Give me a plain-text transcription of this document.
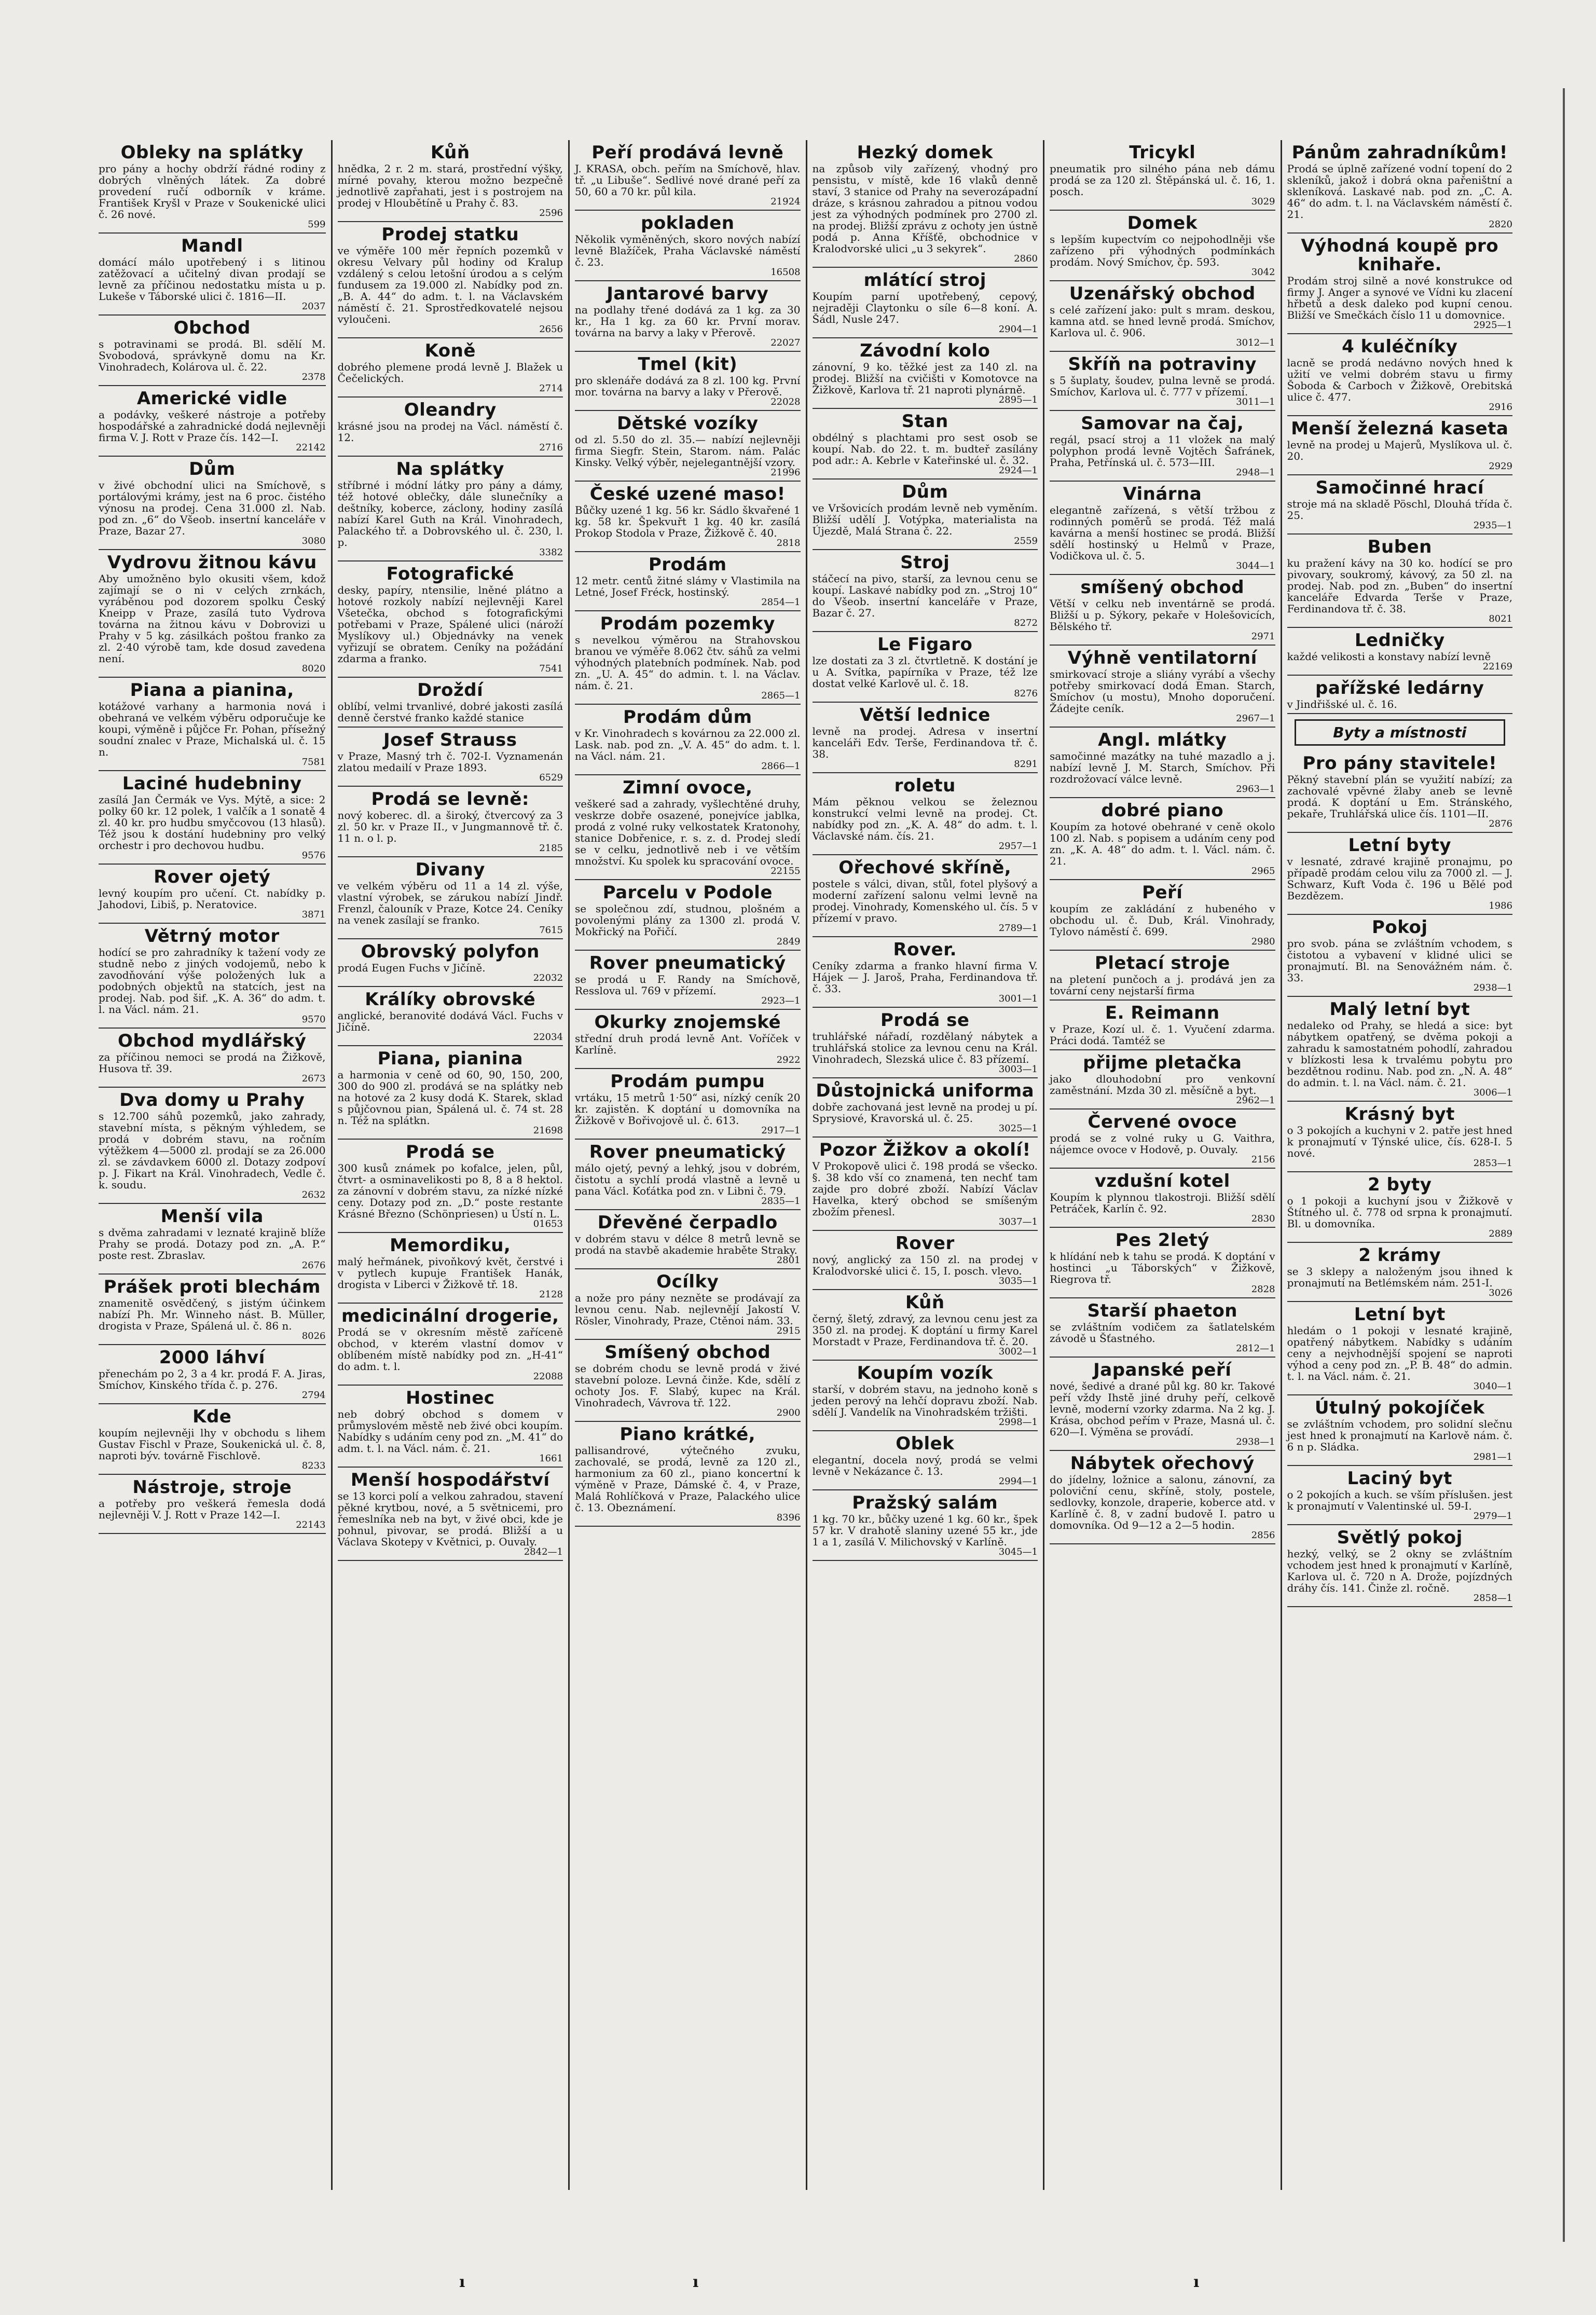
Obleky na splátky
pro pány a hochy obdrží řádné rodiny z dobrých vlněných látek. Za dobré provedení ručí odborník v kráme. František Kryšl v Praze v Soukenické ulici č. 26 nové.
599
Mandl
domácí málo upotřebený i s litinou zatěžovací a učitelný divan prodají se levně za příčinou nedostatku místa u p. Lukeše v Táborské ulici č. 1816—II.
2037
Obchod
s potravinami se prodá. Bl. sdělí M. Svobodová, správkyně domu na Kr. Vinohradech, Kolárova ul. č. 22.
2378
Americké vidle
a podávky, veškeré nástroje a potřeby hospodářské a zahradnické dodá nejlevněji firma V. J. Rott v Praze čís. 142—I.
22142
Dům
v živé obchodní ulici na Smíchově, s portálovými krámy, jest na 6 proc. čistého výnosu na prodej. Cena 31.000 zl. Nab. pod zn. „6“ do Všeob. insertní kanceláře v Praze, Bazar 27.
3080
Vydrovu žitnou kávu
Aby umožněno bylo okusiti všem, kdož zajímají se o ni v celých zrnkách, vyráběnou pod dozorem spolku Český Kneipp v Praze, zasílá tuto Vydrova továrna na žitnou kávu v Dobrovizi u Prahy v 5 kg. zásilkách poštou franko za zl. 2·40 výrobě tam, kde dosud zavedena není.
8020
Piana a pianina,
kotážové varhany a harmonia nová i obehraná ve velkém výběru odporučuje ke koupi, výměně i půjčce Fr. Pohan, přísežný soudní znalec v Praze, Michalská ul. č. 15 n.
7581
Laciné hudebniny
zasílá Jan Čermák ve Vys. Mýtě, a sice: 2 polky 60 kr. 12 polek, 1 valčík a 1 sonatě 4 zl. 40 kr. pro hudbu smyčcovou (13 hlasů). Též jsou k dostání hudebniny pro velký orchestr i pro dechovou hudbu.
9576
Rover ojetý
levný koupím pro učení. Ct. nabídky p. Jahodovi, Libiš, p. Neratovice.
3871
Větrný motor
hodící se pro zahradníky k tažení vody ze studně nebo z jiných vodojemů, nebo k zavodňování výše položených luk a podobných objektů na statcích, jest na prodej. Nab. pod šif. „K. A. 36“ do adm. t. l. na Václ. nám. 21.
9570
Obchod mydlářský
za příčinou nemoci se prodá na Žižkově, Husova tř. 39.
2673
Dva domy u Prahy
s 12.700 sáhů pozemků, jako zahrady, stavební místa, s pěkným výhledem, se prodá v dobrém stavu, na ročním výtěžkem 4—5000 zl. prodají se za 26.000 zl. se závdavkem 6000 zl. Dotazy zodpoví p. J. Fikart na Král. Vinohradech, Vedle č. k. soudu.
2632
Menší vila
s dvěma zahradami v leznaté krajině blíže Prahy se prodá. Dotazy pod zn. „A. P.“ poste rest. Zbraslav.
2676
Prášek proti blechám
znamenitě osvědčený, s jistým účinkem nabízí Ph. Mr. Winneho nást. B. Müller, drogista v Praze, Spálená ul. č. 86 n.
8026
2000 láhví
přenechám po 2, 3 a 4 kr. prodá F. A. Jiras, Smíchov, Kinského třída č. p. 276.
2794
Kde
koupím nejlevněji lhy v obchodu s lihem Gustav Fischl v Praze, Soukenická ul. č. 8, naproti býv. továrně Fischlově.
8233
Nástroje, stroje
a potřeby pro veškerá řemesla dodá nejlevněji V. J. Rott v Praze 142—I.
22143
Kůň
hnědka, 2 r. 2 m. stará, prostřední výšky, mírné povahy, kterou možno bezpečně jednotlivě zapřahati, jest i s postrojem na prodej v Hloubětíně u Prahy č. 83.
2596
Prodej statku
ve výměře 100 měr řepních pozemků v okresu Velvary půl hodiny od Kralup vzdálený s celou letošní úrodou a s celým fundusem za 19.000 zl. Nabídky pod zn. „B. A. 44“ do adm. t. l. na Václavském náměstí č. 21. Sprostředkovatelé nejsou vyloučeni.
2656
Koně
dobrého plemene prodá levně J. Blažek u Čečelických.
2714
Oleandry
krásné jsou na prodej na Václ. náměstí č. 12.
2716
Na splátky
stříbrné i módní látky pro pány a dámy, též hotové oblečky, dále slunečníky a deštníky, koberce, záclony, hodiny zasílá nabízí Karel Guth na Král. Vinohradech, Palackého tř. a Dobrovského ul. č. 230, l. p.
3382
Fotografické
desky, papíry, ntensilie, lněné plátno a hotové rozkoly nabízí nejlevněji Karel Všetečka, obchod s fotografickými potřebami v Praze, Spálené ulici (nároží Myslíkovy ul.) Objednávky na venek vyřizují se obratem. Ceníky na požádání zdarma a franko.
7541
Droždí
oblíbí, velmi trvanlivé, dobré jakosti zasílá denně čerstvé franko každé stanice
Josef Strauss
v Praze, Masný trh č. 702-I. Vyznamenán zlatou medailí v Praze 1893.
6529
Prodá se levně:
nový koberec. dl. a široký, čtvercový za 3 zl. 50 kr. v Praze II., v Jungmannově tř. č. 11 n. o l. p.
2185
Divany
ve velkém výběru od 11 a 14 zl. výše, vlastní výrobek, se zárukou nabízí Jindř. Frenzl, čalouník v Praze, Kotce 24. Ceníky na venek zasílají se franko.
7615
Obrovský polyfon
prodá Eugen Fuchs v Jičíně.
22032
Králíky obrovské
anglické, beranovité dodává Václ. Fuchs v Jičíně.
22034
Piana, pianina
a harmonia v ceně od 60, 90, 150, 200, 300 do 900 zl. prodává se na splátky neb na hotové za 2 kusy dodá K. Starek, sklad s půjčovnou pian, Spálená ul. č. 74 st. 28 n. Též na splátkn.
21698
Prodá se
300 kusů známek po kofalce, jelen, půl, čtvrt- a osminavelikosti po 8, 8 a 8 hektol. za zánovní v dobrém stavu, za nízké nízké ceny. Dotazy pod zn. „D.“ poste restante Krásné Březno (Schönpriesen) u Ústí n. L.
01653
Memordiku,
malý heřmánek, pivoňkový květ, čerstvé i v pytlech kupuje František Hanák, drogista v Liberci v Žižkově tř. 18.
2128
medicinální drogerie,
Prodá se v okresním městě zaříceně obchod, v kterém vlastní domov v oblíbeném místě nabídky pod zn. „H-41“ do adm. t. l.
22088
Hostinec
neb dobrý obchod s domem v průmyslovém městě neb živé obci koupím. Nabídky s udáním ceny pod zn. „M. 41“ do adm. t. l. na Václ. nám. č. 21.
1661
Menší hospodářství
se 13 korci polí a velkou zahradou, stavení pěkné krytbou, nové, a 5 světnicemi, pro řemeslníka neb na byt, v živé obci, kde je pohnul, pivovar, se prodá. Bližší a u Václava Skotepy v Květnici, p. Ouvaly.
2842—1
Peří prodává levně
J. KRASA, obch. peřím na Smíchově, hlav. tř. „u Libuše“. Sedlivé nové drané peří za 50, 60 a 70 kr. půl kila.
21924
pokladen
Několik vyměněných, skoro nových nabízí levně Blažíček, Praha Václavské náměstí č. 23.
16508
Jantarové barvy
na podlahy třené dodává za 1 kg. za 30 kr., Ha 1 kg. za 60 kr. První morav. továrna na barvy a laky v Přerově.
22027
Tmel (kit)
pro sklenáře dodává za 8 zl. 100 kg. První mor. továrna na barvy a laky v Přerově.
22028
Dětské vozíky
od zl. 5.50 do zl. 35.— nabízí nejlevněji firma Siegfr. Stein, Starom. nám. Palác Kinsky. Velký výběr, nejelegantnější vzory.
21996
České uzené maso!
Bůčky uzené 1 kg. 56 kr. Sádlo škvařené 1 kg. 58 kr. Špekvuřt 1 kg. 40 kr. zasílá Prokop Stodola v Praze, Žižkově č. 40.
2818
Prodám
12 metr. centů žitné slámy v Vlastimila na Letné, Josef Fréck, hostinský.
2854—1
Prodám pozemky
s nevelkou výměrou na Strahovskou branou ve výměře 8.062 čtv. sáhů za velmi výhodných platebních podmínek. Nab. pod zn. „U. A. 45“ do admin. t. l. na Václav. nám. č. 21.
2865—1
Prodám dům
v Kr. Vinohradech s kovárnou za 22.000 zl. Lask. nab. pod zn. „V. A. 45“ do adm. t. l. na Václ. nám. 21.
2866—1
Zimní ovoce,
veškeré sad a zahrady, vyšlechtěné druhy, veskrze dobře osazené, ponejvíce jablka, prodá z volné ruky velkostatek Kratonohy, stanice Dobřenice, r. s. z. d. Prodej sledí se v celku, jednotlivě neb i ve větším množství. Ku spolek ku spracování ovoce.
22155
Parcelu v Podole
se společnou zdí, studnou, plošném a povolenými plány za 1300 zl. prodá V. Mokřický na Pořičí.
2849
Rover pneumatický
se prodá u F. Randy na Smíchově, Resslova ul. 769 v přízemí.
2923—1
Okurky znojemské
střední druh prodá levně Ant. Voříček v Karlíně.
2922
Prodám pumpu
vrtáku, 15 metrů 1·50“ asi, nízký ceník 20 kr. zajistěn. K doptání u domovníka na Žižkově v Bořivojově ul. č. 613.
2917—1
Rover pneumatický
málo ojetý, pevný a lehký, jsou v dobrém, čistotu a sychlí prodá vlastně a levně u pana Václ. Koťátka pod zn. v Libni č. 79.
2835—1
Dřevěné čerpadlo
v dobrém stavu v délce 8 metrů levně se prodá na stavbě akademie hraběte Straky.
2801
Ocílky
a nože pro pány nezněte se prodávají za levnou cenu. Nab. nejlevnějí Jakostí V. Rösler, Vinohrady, Praze, Ctěnoi nám. 33.
2915
Smíšený obchod
se dobrém chodu se levně prodá v živé stavební poloze. Levná činže. Kde, sdělí z ochoty Jos. F. Slabý, kupec na Král. Vinohradech, Vávrova tř. 122.
2900
Piano krátké,
pallisandrové, výtečného zvuku, zachovalé, se prodá, levně za 120 zl., harmonium za 60 zl., piano koncertní k výměně v Praze, Dámské č. 4, v Praze, Malá Rohlíčková v Praze, Palackého ulice č. 13. Obeznámení.
8396
Hezký domek
na způsob vily zařízený, vhodný pro pensistu, v místě, kde 16 vlaků denně staví, 3 stanice od Prahy na severozápadní dráze, s krásnou zahradou a pitnou vodou jest za výhodných podmínek pro 2700 zl. na prodej. Bližší zprávu z ochoty jen ústně podá p. Anna Kříšťě, obchodnice v Kralodvorské ulici „u 3 sekyrek“.
2860
mlátící stroj
Koupím parní upotřebený, cepový, nejraději Claytonku o síle 6—8 koní. A. Šádl, Nusle 247.
2904—1
Závodní kolo
zánovní, 9 ko. těžké jest za 140 zl. na prodej. Bližší na cvičišti v Komotovce na Žižkově, Karlova tř. 21 naproti plynárně.
2895—1
Stan
obdélný s plachtami pro sest osob se koupí. Nab. do 22. t. m. budteř zasílány pod adr.: A. Kebrle v Kateřinské ul. č. 32.
2924—1
Dům
ve Vršovicích prodám levně neb vyměním. Bližší udělí J. Votýpka, materialista na Újezdě, Malá Strana č. 22.
2559
Stroj
stáčecí na pivo, starší, za levnou cenu se koupí. Laskavé nabídky pod zn. „Stroj 10“ do Všeob. insertní kanceláře v Praze, Bazar č. 27.
8272
Le Figaro
lze dostati za 3 zl. čtvrtletně. K dostání je u A. Svítka, papírníka v Praze, též lze dostat velké Karlově ul. č. 18.
8276
Větší lednice
levně na prodej. Adresa v insertní kanceláři Edv. Terše, Ferdinandova tř. č. 38.
8291
roletu
Mám pěknou velkou se železnou konstrukcí velmi levně na prodej. Ct. nabídky pod zn. „K. A. 48“ do adm. t. l. Václavské nám. čís. 21.
2957—1
Ořechové skříně,
postele s válci, divan, stůl, fotel plyšový a moderní zařízení salonu velmi levně na prodej. Vinohrady, Komenského ul. čís. 5 v přízemí v pravo.
2789—1
Rover.
Ceníky zdarma a franko hlavní firma V. Hájek — J. Jaroš, Praha, Ferdinandova tř. č. 33.
3001—1
Prodá se
truhlářské nářadí, rozdělaný nábytek a truhlářská stolice za levnou cenu na Král. Vinohradech, Slezská ulice č. 83 přízemí.
3003—1
Důstojnická uniforma
dobře zachovaná jest levně na prodej u pí. Sprysiové, Kravorská ul. č. 25.
3025—1
Pozor Žižkov a okolí!
V Prokopově ulici č. 198 prodá se všecko. §. 38 kdo vší co znamená, ten nechť tam zajde pro dobré zboží. Nabízí Václav Havelka, který obchod se smíšeným zbožím přenesl.
3037—1
Rover
nový, anglický za 150 zl. na prodej v Kralodvorské ulici č. 15, I. posch. vlevo.
3035—1
Kůň
černý, šletý, zdravý, za levnou cenu jest za 350 zl. na prodej. K doptání u firmy Karel Morstadt v Praze, Ferdinandova tř. č. 20.
3002—1
Koupím vozík
starší, v dobrém stavu, na jednoho koně s jeden perový na lehčí dopravu zboží. Nab. sdělí J. Vandelík na Vinohradském tržišti.
2998—1
Oblek
elegantní, docela nový, prodá se velmi levně v Nekázance č. 13.
2994—1
Pražský salám
1 kg. 70 kr., bůčky uzené 1 kg. 60 kr., špek 57 kr. V drahotě slaniny uzené 55 kr., jde 1 a 1, zasílá V. Milichovský v Karlíně.
3045—1
Tricykl
pneumatik pro silného pána neb dámu prodá se za 120 zl. Štěpánská ul. č. 16, 1. posch.
3029
Domek
s lepším kupectvím co nejpohodlněji vše zařízeno při výhodných podmínkách prodám. Nový Smíchov, čp. 593.
3042
Uzenářský obchod
s celé zařízení jako: pult s mram. deskou, kamna atd. se hned levně prodá. Smíchov, Karlova ul. č. 906.
3012—1
Skříň na potraviny
s 5 šuplaty, šoudev, pulna levně se prodá. Smíchov, Karlova ul. č. 777 v přízemí.
3011—1
Samovar na čaj,
regál, psací stroj a 11 vložek na malý polyphon prodá levně Vojtěch Šafránek, Praha, Petřínská ul. č. 573—III.
2948—1
Vinárna
elegantně zařízená, s větší tržbou z rodinných poměrů se prodá. Též malá kavárna a menší hostinec se prodá. Bližší sdělí hostinský u Helmů v Praze, Vodičkova ul. č. 5.
3044—1
smíšený obchod
Větší v celku neb inventárně se prodá. Bližší u p. Sýkory, pekaře v Holešovicích, Bělského tř.
2971
Výhně ventilatorní
smirkovací stroje a sliány vyrábí a všechy potřeby smirkovací dodá Eman. Starch, Smíchov (u mostu), Mnoho doporučení. Žádejte ceník.
2967—1
Angl. mlátky
samočinné mazátky na tuhé mazadlo a j. nabízí levně J. M. Starch, Smíchov. Při rozdrožovací válce levně.
2963—1
dobré piano
Koupím za hotové obehrané v ceně okolo 100 zl. Nab. s popisem a udáním ceny pod zn. „K. A. 48“ do adm. t. l. Václ. nám. č. 21.
2965
Peří
koupím ze zakládání z hubeného v obchodu ul. č. Dub, Král. Vinohrady, Tylovo náměstí č. 699.
2980
Pletací stroje
na pletení punčoch a j. prodává jen za tovární ceny nejstarší firma
E. Reimann
v Praze, Kozí ul. č. 1. Vyučení zdarma. Práci dodá. Tamtéž se
přijme pletačka
jako dlouhodobní pro venkovní zaměstnání. Mzda 30 zl. měsíčně a byt.
2962—1
Červené ovoce
prodá se z volné ruky u G. Vaithra, nájemce ovoce v Hodově, p. Ouvaly.
2156
vzdušní kotel
Koupím k plynnou tlakostroji. Bližší sdělí Petráček, Karlín č. 92.
2830
Pes 2letý
k hlídání neb k tahu se prodá. K doptání v hostinci „u Táborských“ v Žižkově, Riegrova tř.
2828
Starší phaeton
se zvláštním vodičem za šatlatelském závodě u Šťastného.
2812—1
Japanské peří
nové, šedivé a drané půl kg. 80 kr. Takové peří vždy Ihstě jiné druhy peří, celkově levně, moderní vzorky zdarma. Na 2 kg. J. Krása, obchod peřím v Praze, Masná ul. č. 620—I. Výměna se provádí.
2938—1
Nábytek ořechový
do jídelny, ložnice a salonu, zánovní, za poloviční cenu, skříně, stoly, postele, sedlovky, konzole, draperie, koberce atd. v Karlíně č. 8, v zadní budově I. patro u domovníka. Od 9—12 a 2—5 hodin.
2856
Pánům zahradníkům!
Prodá se úplně zařízené vodní topení do 2 skleníků, jakož i dobrá okna pařeništní a skleníková. Laskavé nab. pod zn. „C. A. 46“ do adm. t. l. na Václavském náměstí č. 21.
2820
Výhodná koupě pro knihaře.
Prodám stroj silně a nové konstrukce od firmy J. Anger a synové ve Vídni ku zlacení hřbetů a desk daleko pod kupní cenou. Bližší ve Smečkách číslo 11 u domovnice.
2925—1
4 kuléčníky
lacně se prodá nedávno nových hned k užití ve velmi dobrém stavu u firmy Šoboda & Carboch v Žižkově, Orebitská ulice č. 477.
2916
Menší železná kaseta
levně na prodej u Majerů, Myslíkova ul. č. 20.
2929
Samočinné hrací
stroje má na skladě Pöschl, Dlouhá třída č. 25.
2935—1
Buben
ku pražení kávy na 30 ko. hodící se pro pivovary, soukromý, kávový, za 50 zl. na prodej. Nab. pod zn. „Buben“ do insertní kanceláře Edvarda Terše v Praze, Ferdinandova tř. č. 38.
8021
Ledničky
každé velikosti a konstavy nabízí levně
22169
pařížské ledárny
v Jindřišské ul. č. 16.
Byty a místnosti
Pro pány stavitele!
Pěkný stavební plán se využití nabízí; za zachovalé vpěvné žlaby aneb se levně prodá. K doptání u Em. Stránského, pekaře, Truhlářská ulice čís. 1101—II.
2876
Letní byty
v lesnaté, zdravé krajině pronajmu, po případě prodám celou vilu za 7000 zl. — J. Schwarz, Kuft Voda č. 196 u Bělé pod Bezdězem.
1986
Pokoj
pro svob. pána se zvláštním vchodem, s čistotou a vybavení v klidné ulici se pronajmutí. Bl. na Senovážném nám. č. 33.
2938—1
Malý letní byt
nedaleko od Prahy, se hledá a sice: byt nábytkem opatřený, se dvěma pokoji a zahradu k samostatném pohodlí, zahradou v blízkosti lesa k trvalému pobytu pro bezdětnou rodinu. Nab. pod zn. „N. A. 48“ do admin. t. l. na Václ. nám. č. 21.
3006—1
Krásný byt
o 3 pokojích a kuchyni v 2. patře jest hned k pronajmutí v Týnské ulice, čís. 628-I. 5 nové.
2853—1
2 byty
o 1 pokoji a kuchyní jsou v Žižkově v Štítného ul. č. 778 od srpna k pronajmutí. Bl. u domovníka.
2889
2 krámy
se 3 sklepy a naloženým jsou ihned k pronajmutí na Betlémském nám. 251-I.
3026
Letní byt
hledám o 1 pokoji v lesnaté krajině, opatřený nábytkem. Nabídky s udáním ceny a nejvhodnější spojení se naproti výhod a ceny pod zn. „P. B. 48“ do admin. t. l. na Václ. nám. č. 21.
3040—1
Útulný pokojíček
se zvláštním vchodem, pro solidní slečnu jest hned k pronajmutí na Karlově nám. č. 6 n p. Sládka.
2981—1
Laciný byt
o 2 pokojích a kuch. se vším příslušen. jest k pronajmutí v Valentinské ul. 59-I.
2979—1
Světlý pokoj
hezký, velký, se 2 okny se zvláštním vchodem jest hned k pronajmutí v Karlíně, Karlova ul. č. 720 n A. Drože, pojízdných dráhy čís. 141. Činže zl. ročně.
2858—1
ı	ı	ı
